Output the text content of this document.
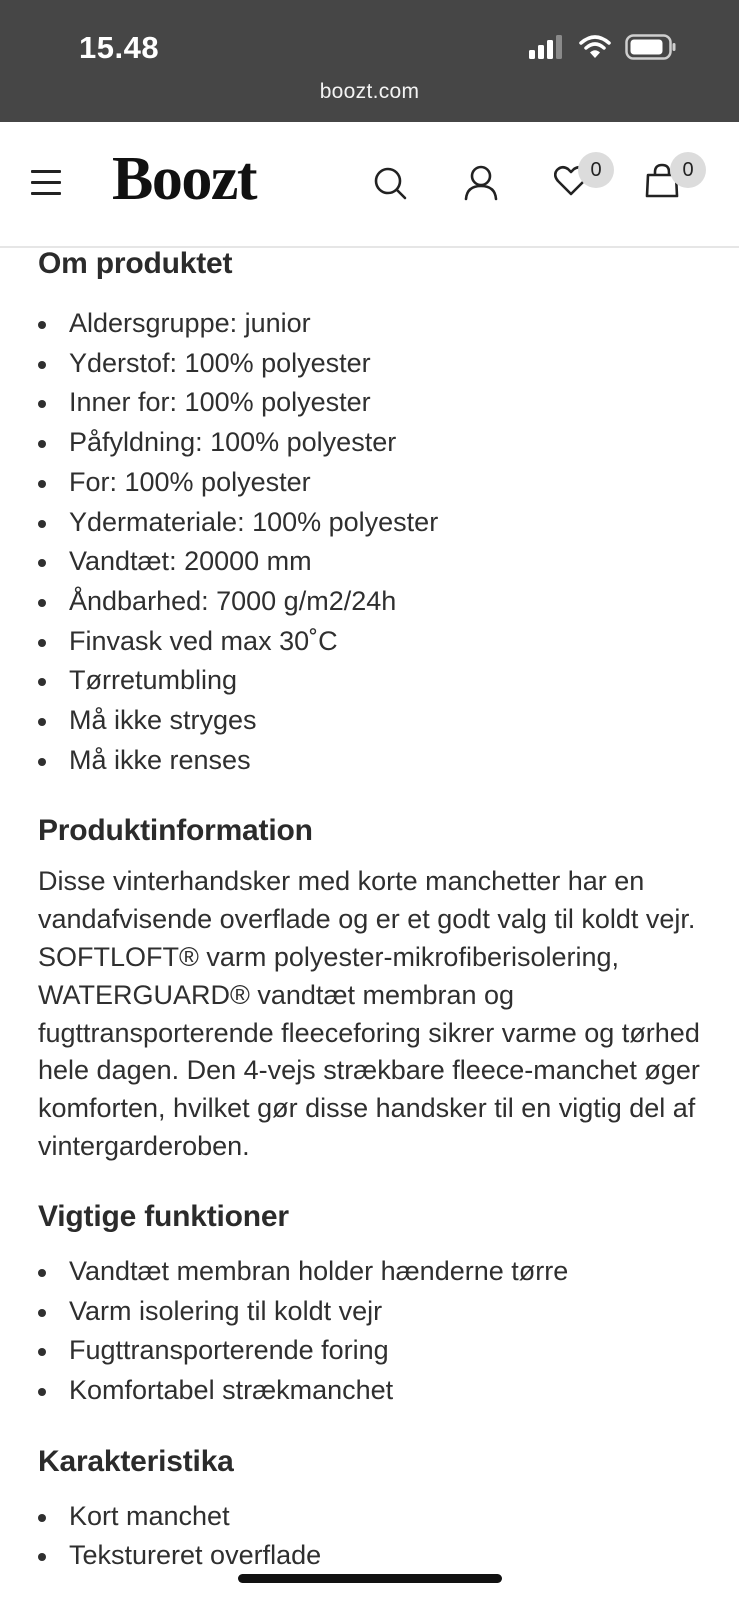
15.48
boozt.com
Boozt	0	0
Om produktet
Aldersgruppe: junior
Yderstof: 100% polyester
Inner for: 100% polyester
Påfyldning: 100% polyester
For: 100% polyester
Ydermateriale: 100% polyester
Vandtæt: 20000 mm
Åndbarhed: 7000 g/m2/24h
Finvask ved max 30˚C
Tørretumbling
Må ikke stryges
Må ikke renses
Produktinformation
Disse vinterhandsker med korte manchetter har en vandafvisende overflade og er et godt valg til koldt vejr. SOFTLOFT® varm polyester-mikrofiberisolering, WATERGUARD® vandtæt membran og fugttransporterende fleeceforing sikrer varme og tørhed hele dagen. Den 4-vejs strækbare fleece-manchet øger komforten, hvilket gør disse handsker til en vigtig del af vintergarderoben.
Vigtige funktioner
Vandtæt membran holder hænderne tørre
Varm isolering til koldt vejr
Fugttransporterende foring
Komfortabel strækmanchet
Karakteristika
Kort manchet
Tekstureret overflade
